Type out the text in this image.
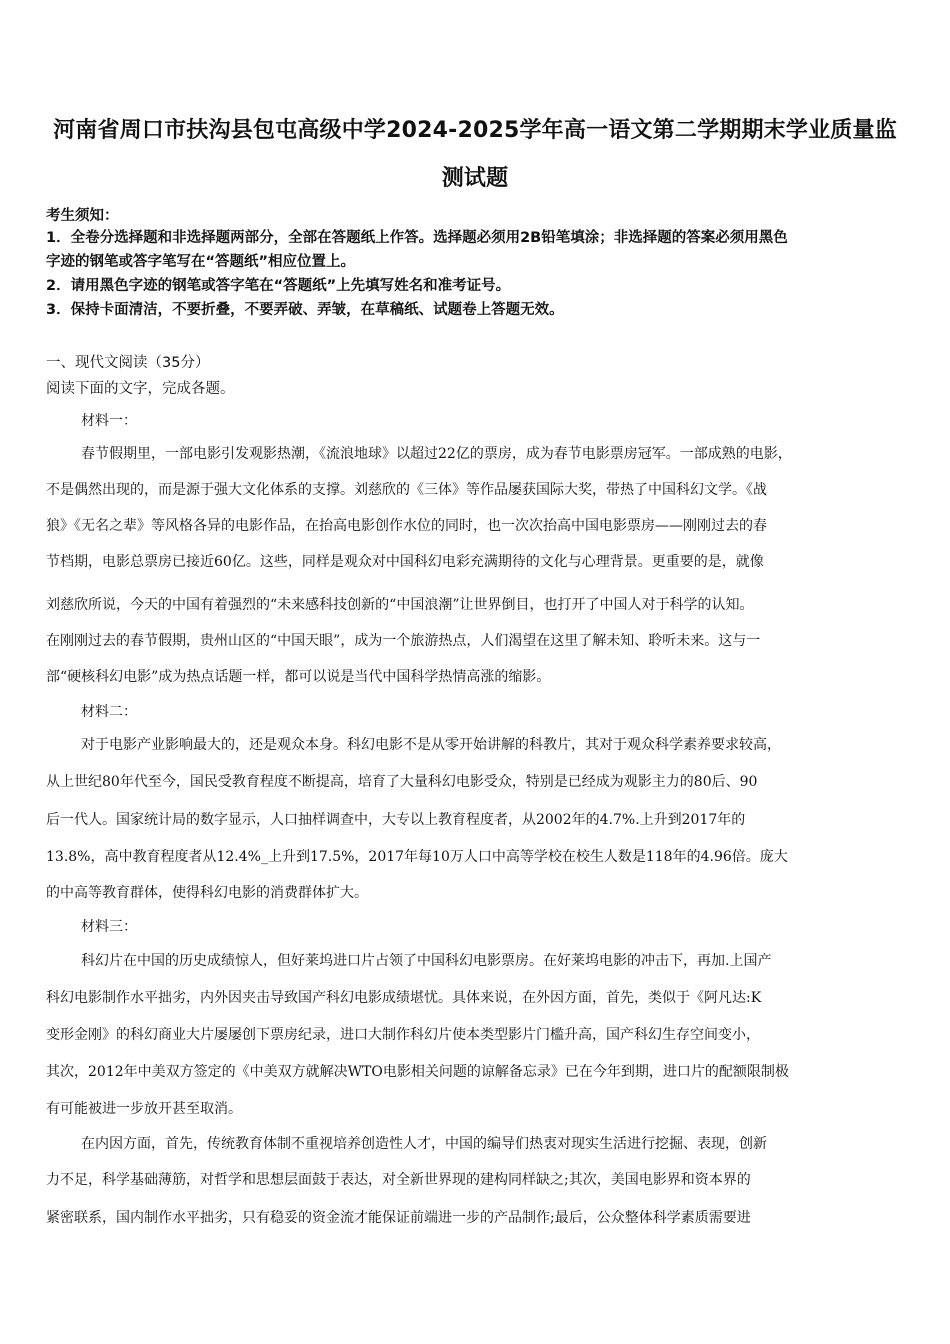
河南省周口市扶沟县包屯高级中学2024-2025学年高一语文第二学期期末学业质量监
测试题
考生须知：
1．全卷分选择题和非选择题两部分，全部在答题纸上作答。选择题必须用2B铅笔填涂；非选择题的答案必须用黑色
字迹的钢笔或答字笔写在“答题纸”相应位置上。
2．请用黑色字迹的钢笔或答字笔在“答题纸”上先填写姓名和准考证号。
3．保持卡面清洁，不要折叠，不要弄破、弄皱，在草稿纸、试题卷上答题无效。
一、现代文阅读（35分）
阅读下面的文字，完成各题。
材料一：
春节假期里，一部电影引发观影热潮，《流浪地球》以超过22亿的票房，成为春节电影票房冠军。一部成熟的电影，
不是偶然出现的，而是源于强大文化体系的支撑。刘慈欣的《三体》等作品屡获国际大奖，带热了中国科幻文学。《战
狼》《无名之辈》等风格各异的电影作品，在抬高电影创作水位的同时，也一次次抬高中国电影票房——刚刚过去的春
节档期，电影总票房已接近60亿。这些，同样是观众对中国科幻电彩充满期待的文化与心理背景。更重要的是，就像
刘慈欣所说，今天的中国有着强烈的“未来感科技创新的“中国浪潮”让世界倒目，也打开了中国人对于科学的认知。
在刚刚过去的春节假期，贵州山区的“中国天眼”，成为一个旅游热点，人们渴望在这里了解未知、聆听未来。这与一
部“硬核科幻电影”成为热点话题一样，都可以说是当代中国科学热情高涨的缩影。
材料二：
对于电影产业影响最大的，还是观众本身。科幻电影不是从零开始讲解的科教片，其对于观众科学素养要求较高，
从上世纪80年代至今，国民受教育程度不断提高，培育了大量科幻电影受众，特别是已经成为观影主力的80后、90
后一代人。国家统计局的数字显示，人口抽样调查中，大专以上教育程度者，从2002年的4.7%.上升到2017年的
13.8%，高中教育程度者从12.4%_上升到17.5%，2017年每10万人口中高等学校在校生人数是118年的4.96倍。庞大
的中高等教育群体，使得科幻电影的消费群体扩大。
材料三：
科幻片在中国的历史成绩惊人，但好莱坞进口片占领了中国科幻电影票房。在好莱坞电影的冲击下，再加.上国产
科幻电影制作水平拙劣，内外因夹击导致国产科幻电影成绩堪忧。具体来说，在外因方面，首先，类似于《阿凡达:K
变形金刚》的科幻商业大片屡屡创下票房纪录，进口大制作科幻片使本类型影片门槛升高，国产科幻生存空间变小，
其次，2012年中美双方签定的《中美双方就解决WTO电影相关问题的谅解备忘录》已在今年到期，进口片的配额限制极
有可能被进一步放开甚至取消。
在内因方面，首先，传统教育体制不重视培养创造性人才，中国的编导们热衷对现实生活进行挖掘、表现，创新
力不足，科学基础薄筋，对哲学和思想层面鼓于表达，对全新世界现的建构同样缺之;其次，美国电影界和资本界的
紧密联系，国内制作水平拙劣，只有稳妥的资金流才能保证前端进一步的产品制作;最后，公众整体科学素质需要进
